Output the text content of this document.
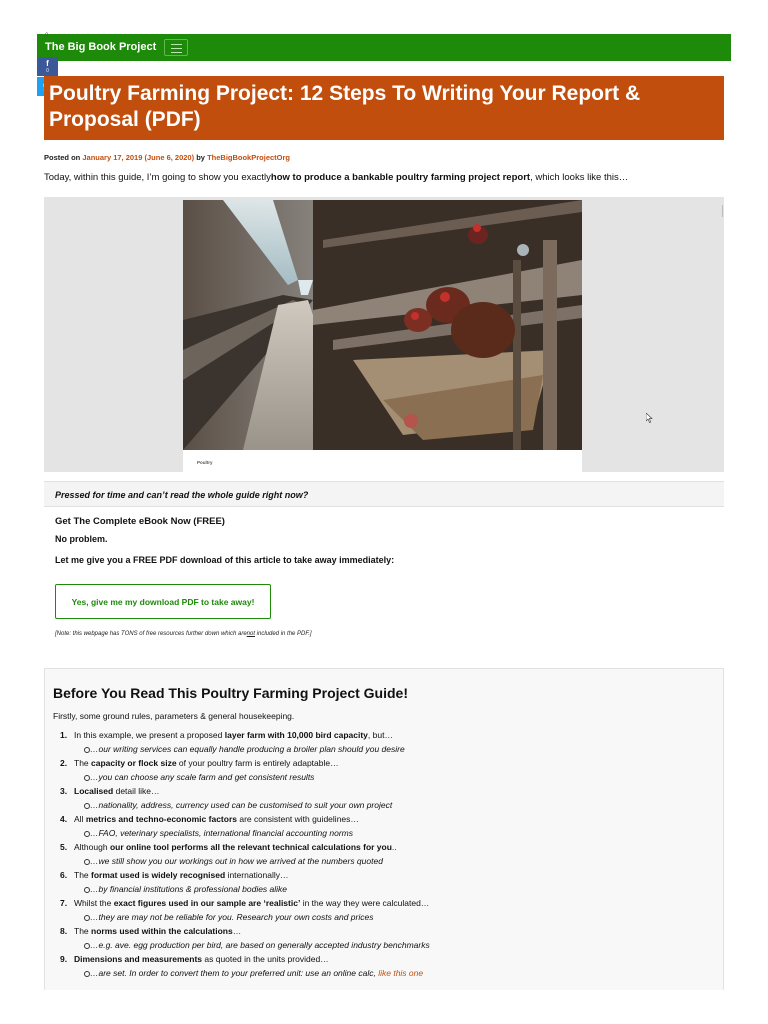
0
The Big Book Project
f
0
Poultry Farming Project: 12 Steps To Writing Your Report & Proposal (PDF)
Posted on January 17, 2019 (June 6, 2020) by TheBigBookProjectOrg

Today, within this guide, I’m going to show you exactlyhow to produce a bankable poultry farming project report, which looks like this…

Poultry
Pressed for time and can’t read the whole guide right now?

Get The Complete eBook Now (FREE)

No problem.

Let me give you a FREE PDF download of this article to take away immediately:

Yes, give me my download PDF to take away!

[Note: this webpage has TONS of free resources further down which arenot included in the PDF.]

Before You Read This Poultry Farming Project Guide!

Firstly, some ground rules, parameters & general housekeeping.

1. In this example, we present a proposed layer farm with 10,000 bird capacity, but…
…our writing services can equally handle producing a broiler plan should you desire
2. The capacity or flock size of your poultry farm is entirely adaptable…
…you can choose any scale farm and get consistent results
3. Localised detail like…
…nationality, address, currency used can be customised to suit your own project
4. All metrics and techno-economic factors are consistent with guidelines…
…FAO, veterinary specialists, international financial accounting norms
5. Although our online tool performs all the relevant technical calculations for you..
…we still show you our workings out in how we arrived at the numbers quoted
6. The format used is widely recognised internationally…
…by financial institutions & professional bodies alike
7. Whilst the exact figures used in our sample are ‘realistic’ in the way they were calculated…
…they are may not be reliable for you. Research your own costs and prices
8. The norms used within the calculations…
…e.g. ave. egg production per bird, are based on generally accepted industry benchmarks
9. Dimensions and measurements as quoted in the units provided…
…are set. In order to convert them to your preferred unit: use an online calc, like this one
